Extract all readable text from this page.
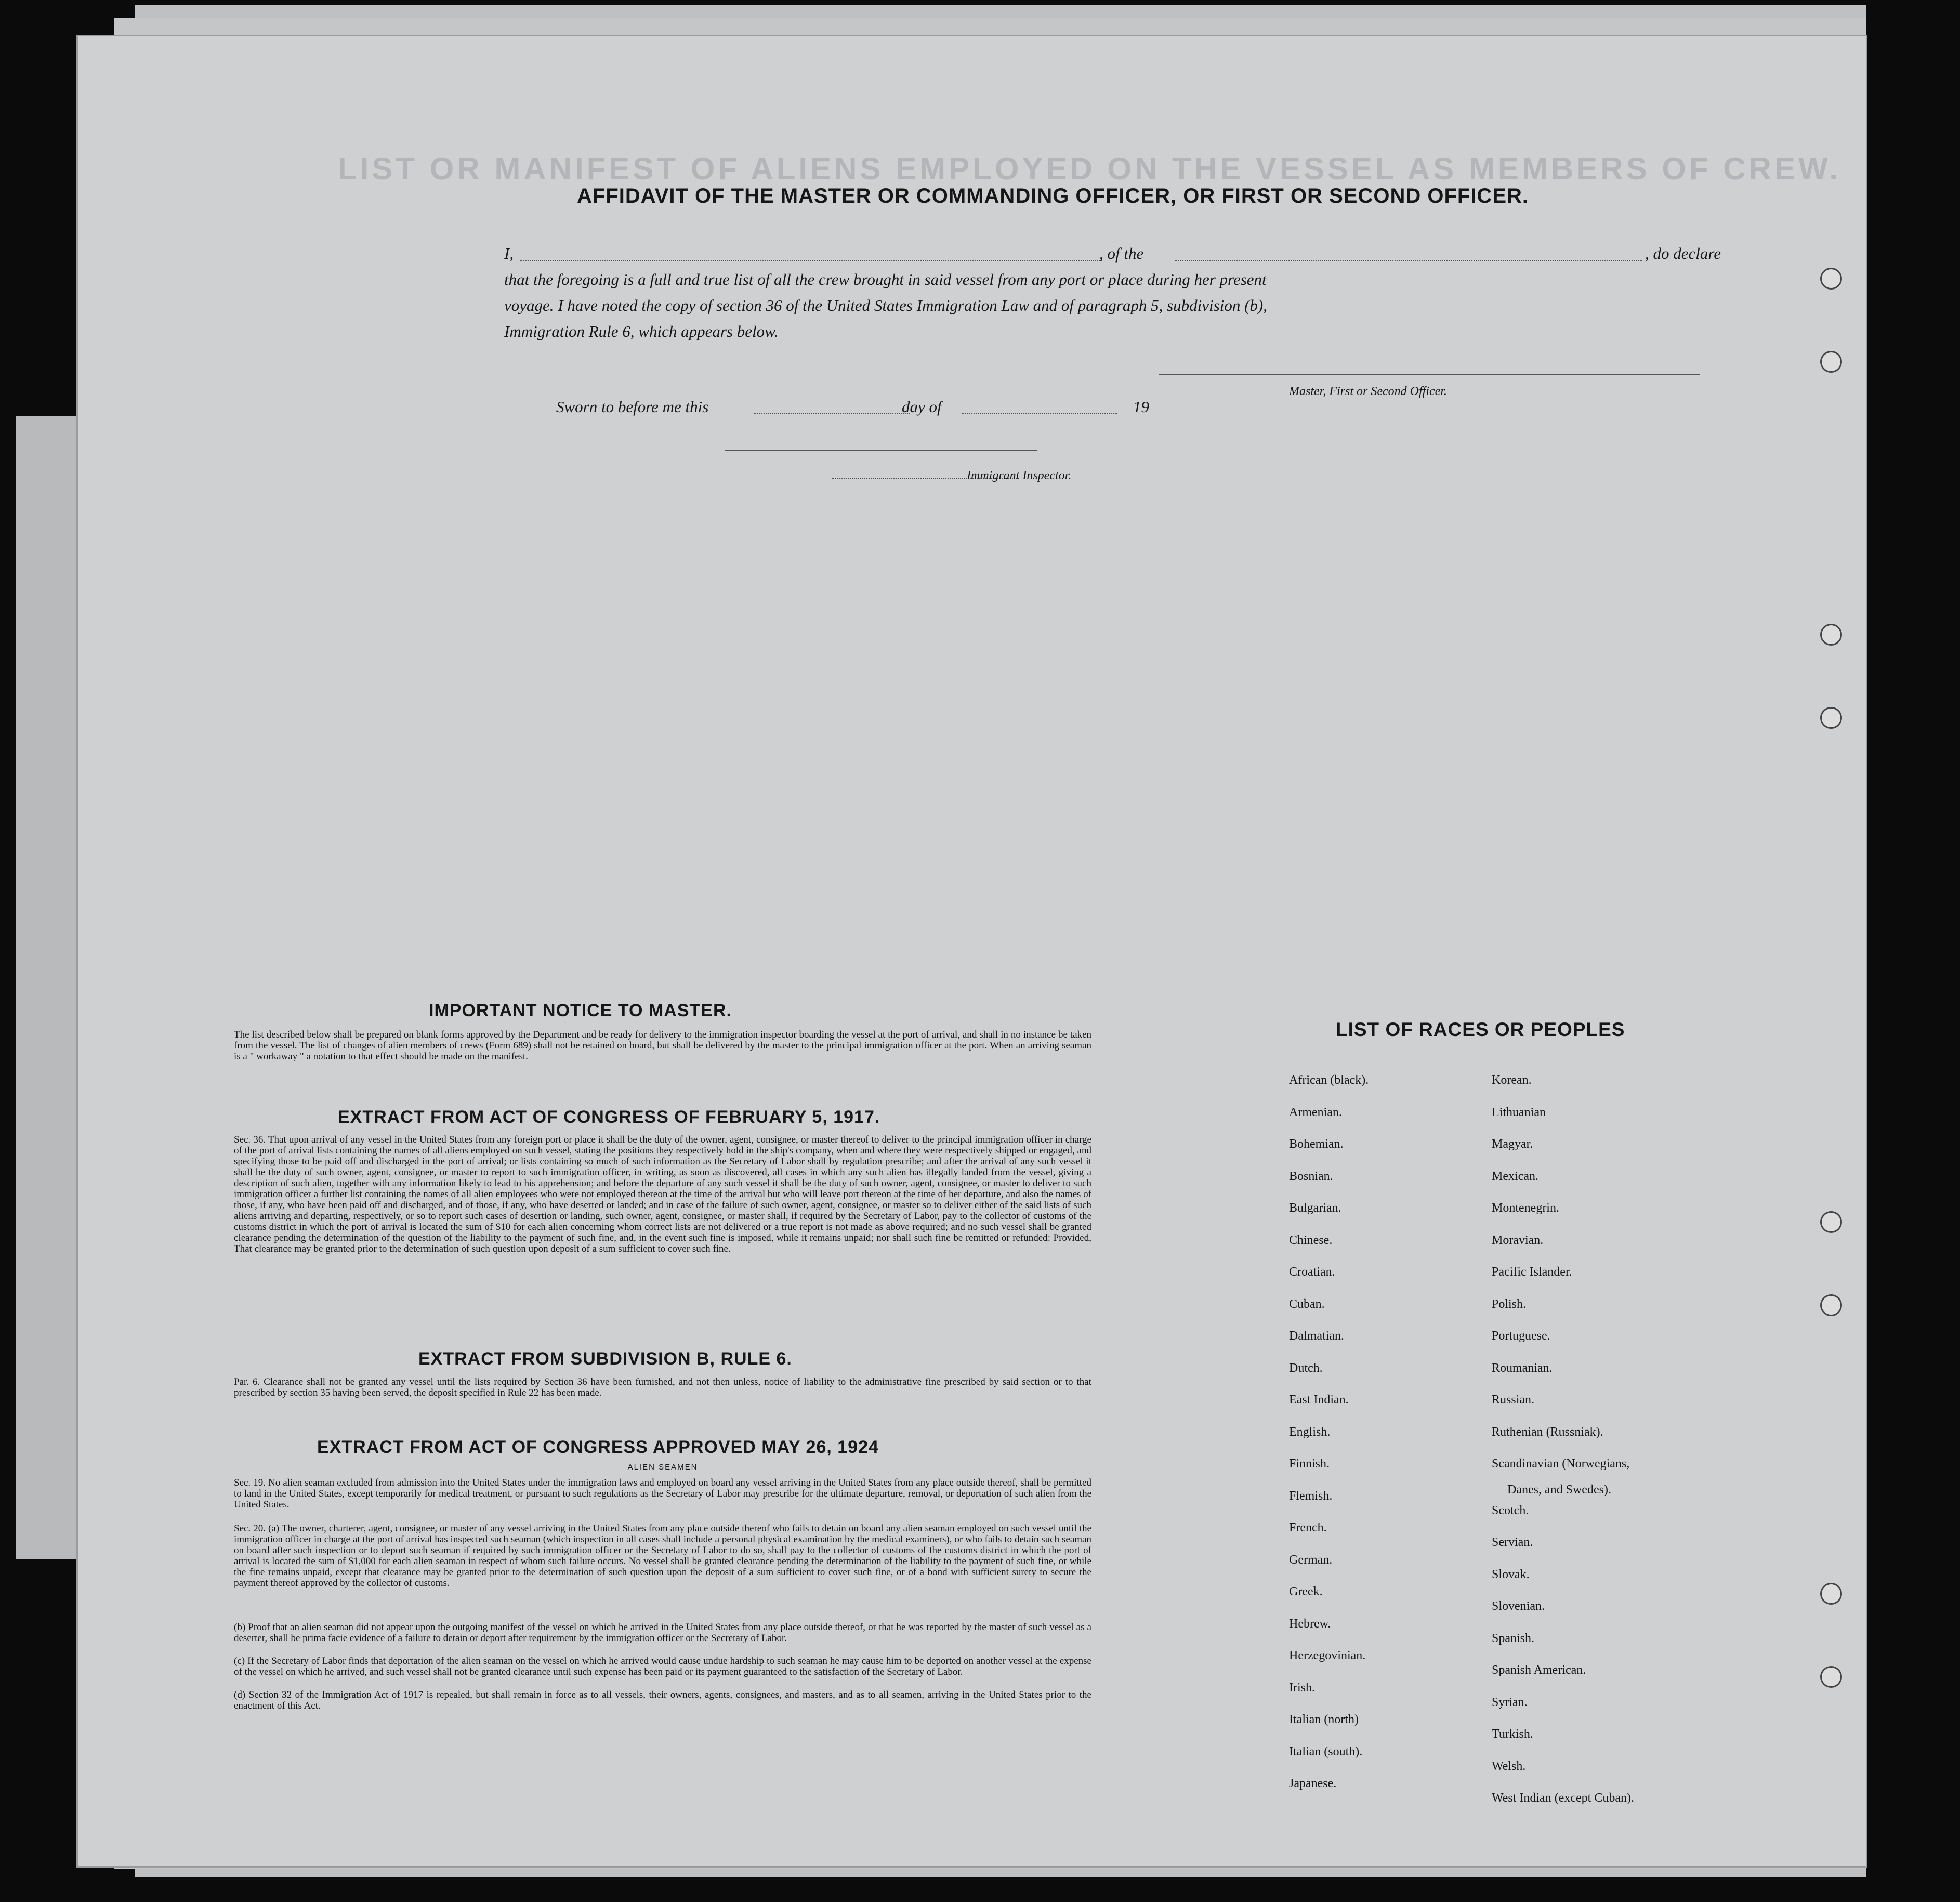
LIST OR MANIFEST OF ALIENS EMPLOYED ON THE VESSEL AS MEMBERS OF CREW.
AFFIDAVIT OF THE MASTER OR COMMANDING OFFICER, OR FIRST OR SECOND OFFICER.
I,	, of the	, do declare
that the foregoing is a full and true list of all the crew brought in said vessel from any port or place during her present
voyage. I have noted the copy of section 36 of the United States Immigration Law and of paragraph 5, subdivision (b),
Immigration Rule 6, which appears below.
Master, First or Second Officer.
Sworn to before me this	day of	19
Immigrant Inspector.
IMPORTANT NOTICE TO MASTER.
The list described below shall be prepared on blank forms approved by the Department and be ready for delivery to the immigration inspector boarding the vessel at the port of arrival, and shall in no instance be taken from the vessel. The list of changes of alien members of crews (Form 689) shall not be retained on board, but shall be delivered by the master to the principal immigration officer at the port. When an arriving seaman is a " workaway " a notation to that effect should be made on the manifest.
EXTRACT FROM ACT OF CONGRESS OF FEBRUARY 5, 1917.
Sec. 36. That upon arrival of any vessel in the United States from any foreign port or place it shall be the duty of the owner, agent, consignee, or master thereof to deliver to the principal immigration officer in charge of the port of arrival lists containing the names of all aliens employed on such vessel, stating the positions they respectively hold in the ship's company, when and where they were respectively shipped or engaged, and specifying those to be paid off and discharged in the port of arrival; or lists containing so much of such information as the Secretary of Labor shall by regulation prescribe; and after the arrival of any such vessel it shall be the duty of such owner, agent, consignee, or master to report to such immigration officer, in writing, as soon as discovered, all cases in which any such alien has illegally landed from the vessel, giving a description of such alien, together with any information likely to lead to his apprehension; and before the departure of any such vessel it shall be the duty of such owner, agent, consignee, or master to deliver to such immigration officer a further list containing the names of all alien employees who were not employed thereon at the time of the arrival but who will leave port thereon at the time of her departure, and also the names of those, if any, who have been paid off and discharged, and of those, if any, who have deserted or landed; and in case of the failure of such owner, agent, consignee, or master so to deliver either of the said lists of such aliens arriving and departing, respectively, or so to report such cases of desertion or landing, such owner, agent, consignee, or master shall, if required by the Secretary of Labor, pay to the collector of customs of the customs district in which the port of arrival is located the sum of $10 for each alien concerning whom correct lists are not delivered or a true report is not made as above required; and no such vessel shall be granted clearance pending the determination of the question of the liability to the payment of such fine, and, in the event such fine is imposed, while it remains unpaid; nor shall such fine be remitted or refunded: Provided, That clearance may be granted prior to the determination of such question upon deposit of a sum sufficient to cover such fine.
EXTRACT FROM SUBDIVISION B, RULE 6.
Par. 6. Clearance shall not be granted any vessel until the lists required by Section 36 have been furnished, and not then unless, notice of liability to the administrative fine prescribed by said section or to that prescribed by section 35 having been served, the deposit specified in Rule 22 has been made.
EXTRACT FROM ACT OF CONGRESS APPROVED MAY 26, 1924
ALIEN SEAMEN
Sec. 19. No alien seaman excluded from admission into the United States under the immigration laws and employed on board any vessel arriving in the United States from any place outside thereof, shall be permitted to land in the United States, except temporarily for medical treatment, or pursuant to such regulations as the Secretary of Labor may prescribe for the ultimate departure, removal, or deportation of such alien from the United States.
Sec. 20. (a) The owner, charterer, agent, consignee, or master of any vessel arriving in the United States from any place outside thereof who fails to detain on board any alien seaman employed on such vessel until the immigration officer in charge at the port of arrival has inspected such seaman (which inspection in all cases shall include a personal physical examination by the medical examiners), or who fails to detain such seaman on board after such inspection or to deport such seaman if required by such immigration officer or the Secretary of Labor to do so, shall pay to the collector of customs of the customs district in which the port of arrival is located the sum of $1,000 for each alien seaman in respect of whom such failure occurs. No vessel shall be granted clearance pending the determination of the liability to the payment of such fine, or while the fine remains unpaid, except that clearance may be granted prior to the determination of such question upon the deposit of a sum sufficient to cover such fine, or of a bond with sufficient surety to secure the payment thereof approved by the collector of customs.
(b) Proof that an alien seaman did not appear upon the outgoing manifest of the vessel on which he arrived in the United States from any place outside thereof, or that he was reported by the master of such vessel as a deserter, shall be prima facie evidence of a failure to detain or deport after requirement by the immigration officer or the Secretary of Labor.
(c) If the Secretary of Labor finds that deportation of the alien seaman on the vessel on which he arrived would cause undue hardship to such seaman he may cause him to be deported on another vessel at the expense of the vessel on which he arrived, and such vessel shall not be granted clearance until such expense has been paid or its payment guaranteed to the satisfaction of the Secretary of Labor.
(d) Section 32 of the Immigration Act of 1917 is repealed, but shall remain in force as to all vessels, their owners, agents, consignees, and masters, and as to all seamen, arriving in the United States prior to the enactment of this Act.
LIST OF RACES OR PEOPLES
Danes, and Swedes).
African (black).
Armenian.
Bohemian.
Bosnian.
Bulgarian.
Chinese.
Croatian.
Cuban.
Dalmatian.
Dutch.
East Indian.
English.
Finnish.
Flemish.
French.
German.
Greek.
Hebrew.
Herzegovinian.
Irish.
Italian (north)
Italian (south).
Japanese.
Korean.
Lithuanian
Magyar.
Mexican.
Montenegrin.
Moravian.
Pacific Islander.
Polish.
Portuguese.
Roumanian.
Russian.
Ruthenian (Russniak).
Scandinavian (Norwegians,
Scotch.
Servian.
Slovak.
Slovenian.
Spanish.
Spanish American.
Syrian.
Turkish.
Welsh.
West Indian (except Cuban).
